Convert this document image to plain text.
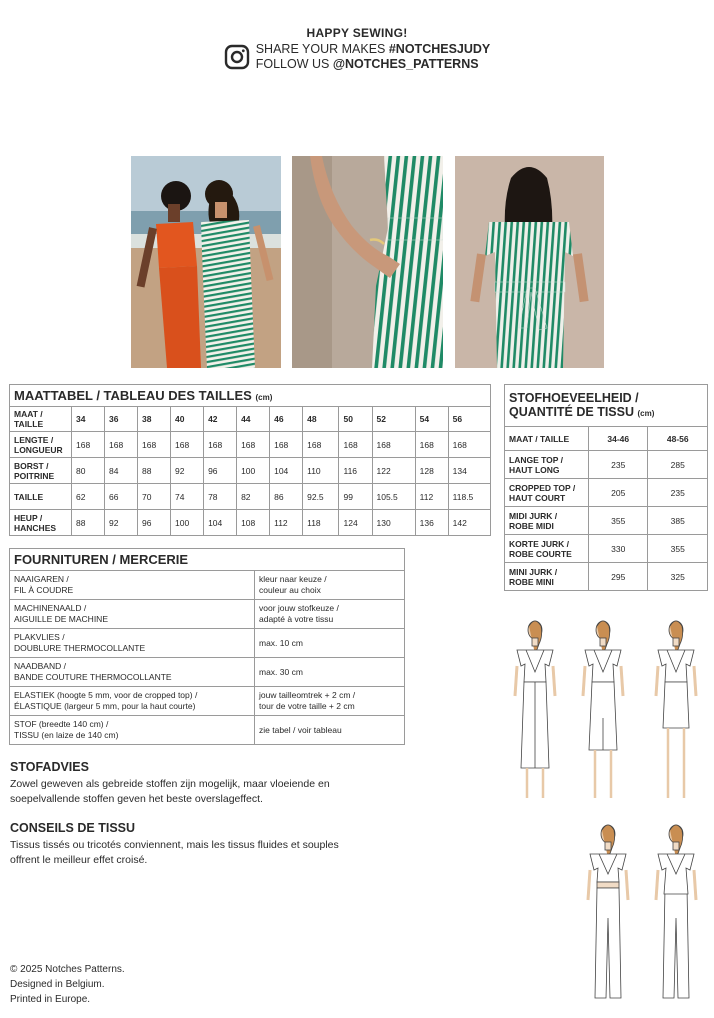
HAPPY SEWING!
SHARE YOUR MAKES #NOTCHESJUDY
FOLLOW US @NOTCHES_PATTERNS
MAATTABEL / TABLEAU DES TAILLES (cm)												
MAAT / TAILLE	34	36	38	40	42	44	46	48	50	52	54	56
LENGTE / LONGUEUR	168	168	168	168	168	168	168	168	168	168	168	168
BORST / POITRINE	80	84	88	92	96	100	104	110	116	122	128	134
TAILLE	62	66	70	74	78	82	86	92.5	99	105.5	112	118.5
HEUP / HANCHES	88	92	96	100	104	108	112	118	124	130	136	142
STOFHOEVEELHEID / QUANTITÉ DE TISSU (cm)		
MAAT / TAILLE	34-46	48-56
LANGE TOP / HAUT LONG	235	285
CROPPED TOP / HAUT COURT	205	235
MIDI JURK / ROBE MIDI	355	385
KORTE JURK / ROBE COURTE	330	355
MINI JURK / ROBE MINI	295	325
FOURNITUREN / MERCERIE	
NAAIGAREN /
FIL À COUDRE	kleur naar keuze /
couleur au choix
MACHINENAALD /
AIGUILLE DE MACHINE	voor jouw stofkeuze /
adapté à votre tissu
PLAKVLIES /
DOUBLURE THERMOCOLLANTE	max. 10 cm
NAADBAND /
BANDE COUTURE THERMOCOLLANTE	max. 30 cm
ELASTIEK (hoogte 5 mm, voor de cropped top) /
ÉLASTIQUE (largeur 5 mm, pour la haut courte)	jouw tailleomtrek + 2 cm /
tour de votre taille + 2 cm
STOF (breedte 140 cm) /
TISSU (en laize de 140 cm)	zie tabel / voir tableau
STOFADVIES

Zowel geweven als gebreide stoffen zijn mogelijk, maar vloeiende en
soepelvallende stoffen geven het beste overslageffect.

CONSEILS DE TISSU

Tissus tissés ou tricotés conviennent, mais les tissus fluides et souples
offrent le meilleur effet croisé.

© 2025 Notches Patterns.
Designed in Belgium.
Printed in Europe.
